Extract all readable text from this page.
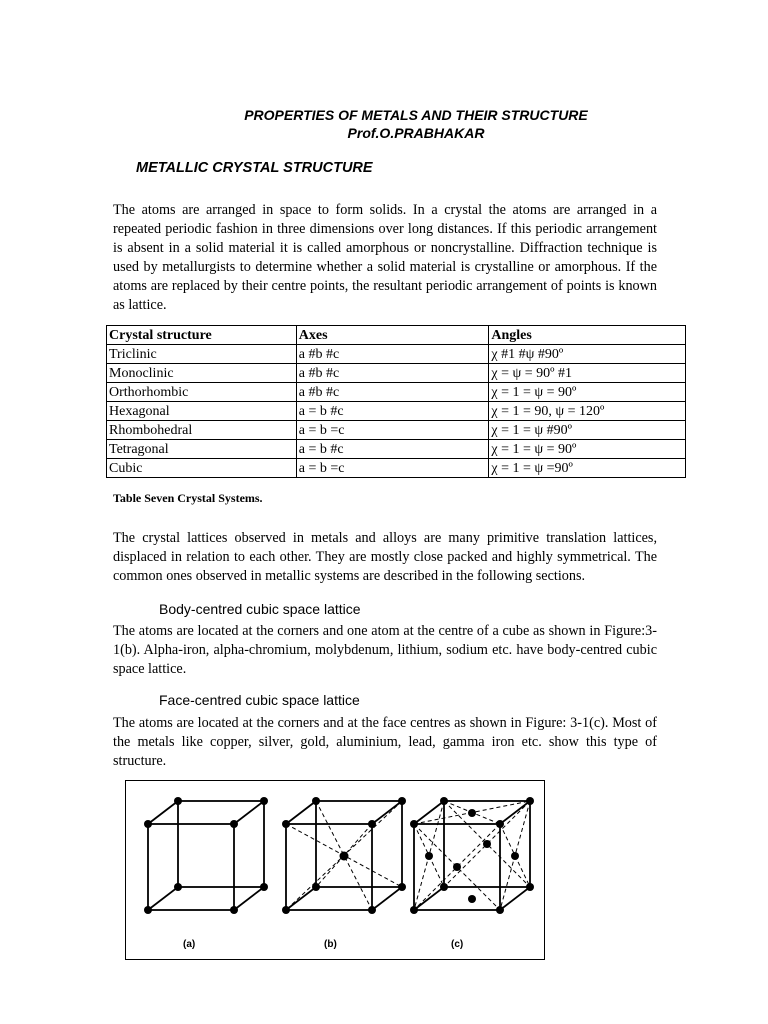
PROPERTIES OF METALS AND THEIR STRUCTURE
Prof.O.PRABHAKAR
METALLIC CRYSTAL STRUCTURE

The atoms are arranged in space to form solids. In a crystal the atoms are arranged in a repeated periodic fashion in three dimensions over long distances. If this periodic arrangement is absent in a solid material it is called amorphous or noncrystalline. Diffraction technique is used by metallurgists to determine whether a solid material is crystalline or amorphous. If the atoms are replaced by their centre points, the resultant periodic arrangement of points is known as lattice.

Crystal structure	Axes	Angles
Triclinic	a #b #c	χ #1 #ψ #90º
Monoclinic	a #b #c	χ = ψ = 90º #1
Orthorhombic	a #b #c	χ = 1 = ψ = 90º
Hexagonal	a = b #c	χ = 1 = 90, ψ = 120º
Rhombohedral	a = b =c	χ = 1 = ψ #90º
Tetragonal	a = b #c	χ = 1 = ψ = 90º
Cubic	a = b =c	χ = 1 = ψ =90º
Table Seven Crystal Systems.

The crystal lattices observed in metals and alloys are many primitive translation lattices, displaced in relation to each other. They are mostly close packed and highly symmetrical. The common ones observed in metallic systems are described in the following sections.

Body-centred cubic space lattice

The atoms are located at the corners and one atom at the centre of a cube as shown in Figure:3-1(b). Alpha-iron, alpha-chromium, molybdenum, lithium, sodium etc. have body-centred cubic space lattice.

Face-centred cubic space lattice

The atoms are located at the corners and at the face centres as shown in Figure: 3-1(c). Most of the metals like copper, silver, gold, aluminium, lead, gamma iron etc. show this type of structure.

(a)	(b)	(c)
